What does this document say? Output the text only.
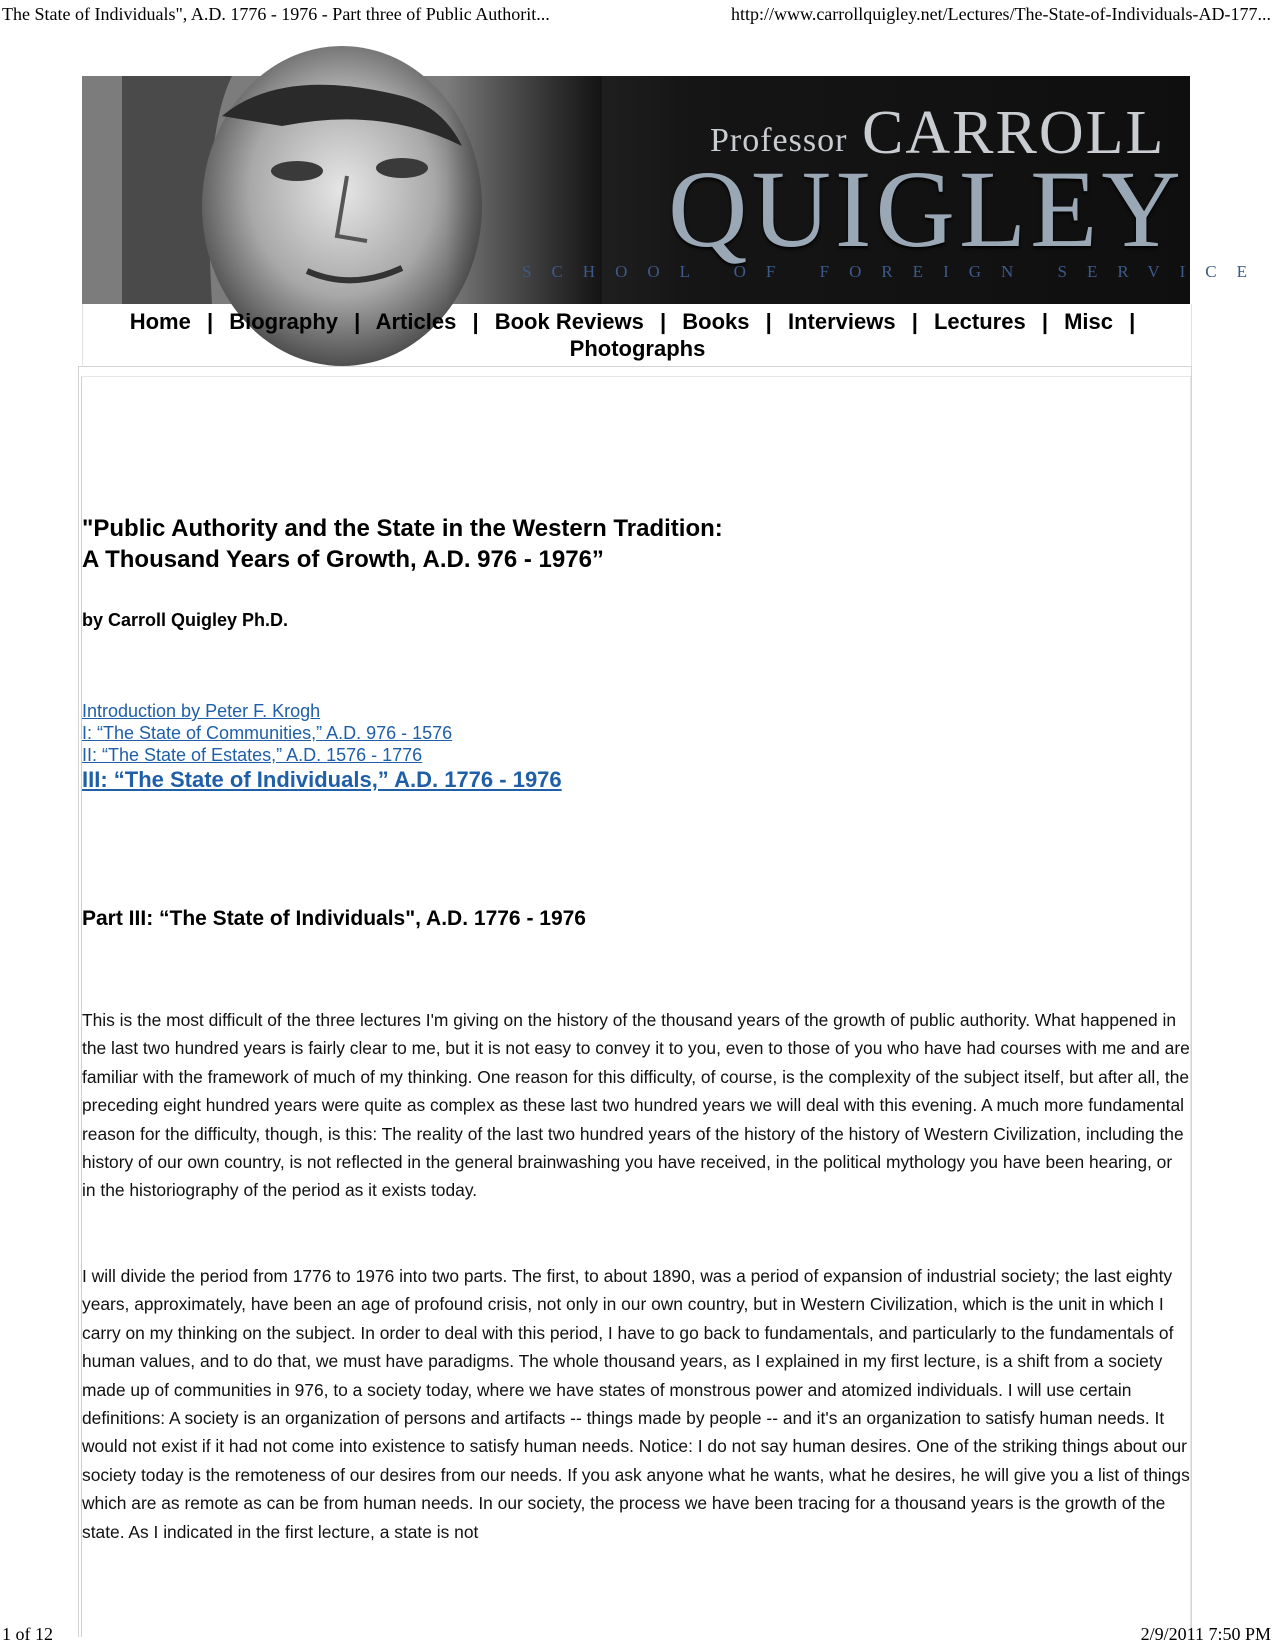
The State of Individuals", A.D. 1776 - 1976 - Part three of Public Authorit...	http://www.carrollquigley.net/Lectures/The-State-of-Individuals-AD-177...
Professor CARROLL
QUIGLEY
SCHOOL OF FOREIGN SERVICE
Home | Biography | Articles | Book Reviews | Books | Interviews | Lectures | Misc | Photographs
"Public Authority and the State in the Western Tradition:
A Thousand Years of Growth, A.D. 976 - 1976”

by Carroll Quigley Ph.D.

Introduction by Peter F. Krogh
I: “The State of Communities,” A.D. 976 - 1576
II: “The State of Estates,” A.D. 1576 - 1776
III: “The State of Individuals,” A.D. 1776 - 1976
Part III: “The State of Individuals", A.D. 1776 - 1976

This is the most difficult of the three lectures I'm giving on the history of the thousand years of the growth of public authority. What happened in the last two hundred years is fairly clear to me, but it is not easy to convey it to you, even to those of you who have had courses with me and are familiar with the framework of much of my thinking. One reason for this difficulty, of course, is the complexity of the subject itself, but after all, the preceding eight hundred years were quite as complex as these last two hundred years we will deal with this evening. A much more fundamental reason for the difficulty, though, is this: The reality of the last two hundred years of the history of the history of Western Civilization, including the history of our own country, is not reflected in the general brainwashing you have received, in the political mythology you have been hearing, or in the historiography of the period as it exists today.

I will divide the period from 1776 to 1976 into two parts. The first, to about 1890, was a period of expansion of industrial society; the last eighty years, approximately, have been an age of profound crisis, not only in our own country, but in Western Civilization, which is the unit in which I carry on my thinking on the subject. In order to deal with this period, I have to go back to fundamentals, and particularly to the fundamentals of human values, and to do that, we must have paradigms. The whole thousand years, as I explained in my first lecture, is a shift from a society made up of communities in 976, to a society today, where we have states of monstrous power and atomized individuals. I will use certain definitions: A society is an organization of persons and artifacts -- things made by people -- and it's an organization to satisfy human needs. It would not exist if it had not come into existence to satisfy human needs. Notice: I do not say human desires. One of the striking things about our society today is the remoteness of our desires from our needs. If you ask anyone what he wants, what he desires, he will give you a list of things which are as remote as can be from human needs. In our society, the process we have been tracing for a thousand years is the growth of the state. As I indicated in the first lecture, a state is not

1 of 12	2/9/2011 7:50 PM
